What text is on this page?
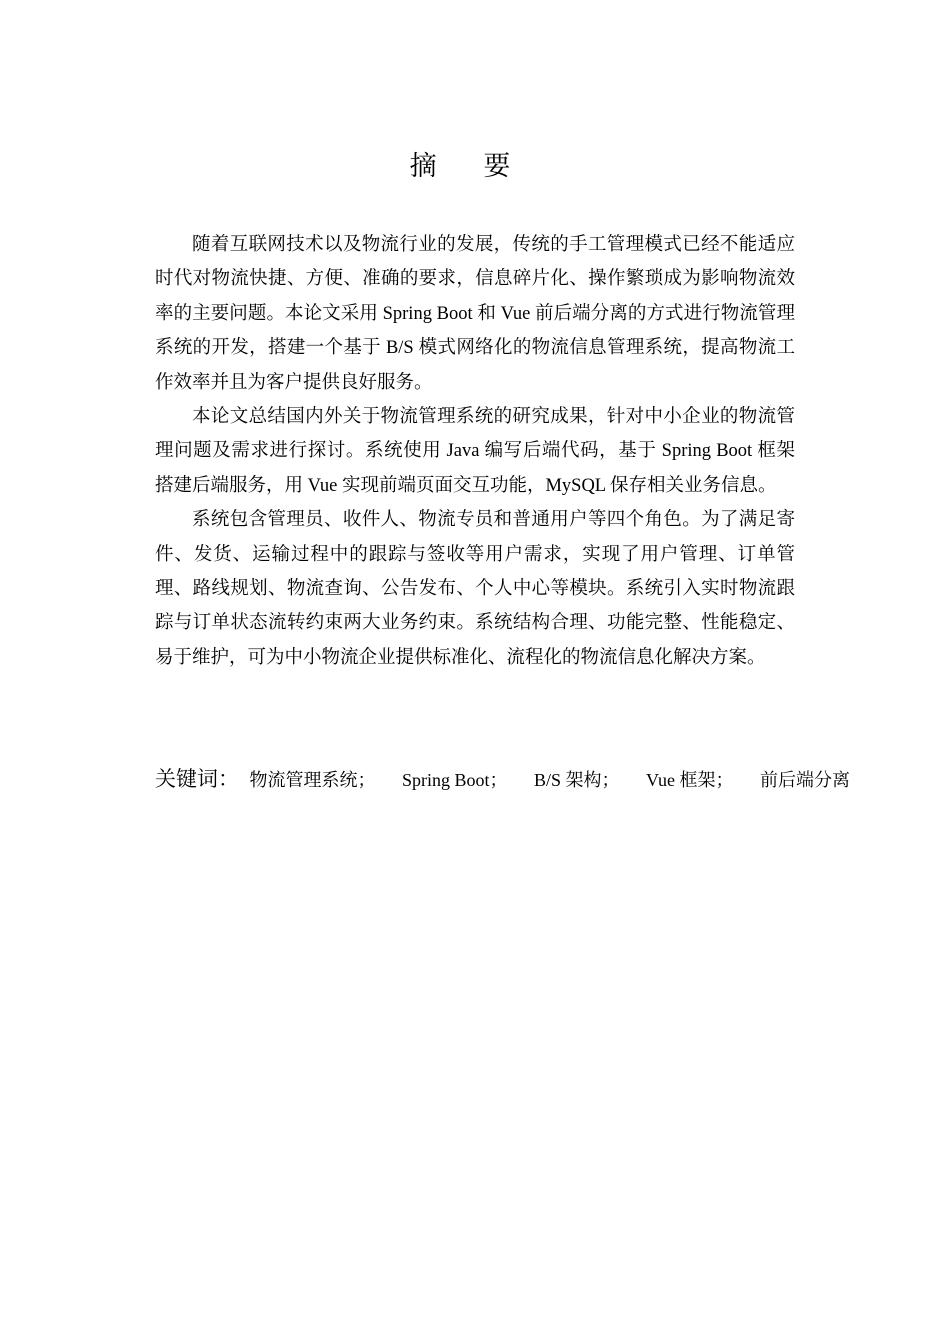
摘 要

随着互联网技术以及物流行业的发展，传统的手工管理模式已经不能适应时代对物流快捷、方便、准确的要求，信息碎片化、操作繁琐成为影响物流效率的主要问题。本论文采用 Spring Boot 和 Vue 前后端分离的方式进行物流管理系统的开发，搭建一个基于 B/S 模式网络化的物流信息管理系统，提高物流工作效率并且为客户提供良好服务。

本论文总结国内外关于物流管理系统的研究成果，针对中小企业的物流管理问题及需求进行探讨。系统使用 Java 编写后端代码，基于 Spring Boot 框架搭建后端服务，用 Vue 实现前端页面交互功能，MySQL 保存相关业务信息。

系统包含管理员、收件人、物流专员和普通用户等四个角色。为了满足寄件、发货、运输过程中的跟踪与签收等用户需求，实现了用户管理、订单管理、路线规划、物流查询、公告发布、个人中心等模块。系统引入实时物流跟踪与订单状态流转约束两大业务约束。系统结构合理、功能完整、性能稳定、易于维护，可为中小物流企业提供标准化、流程化的物流信息化解决方案。

关键词： 物流管理系统； Spring Boot； B/S 架构； Vue 框架； 前后端分离
